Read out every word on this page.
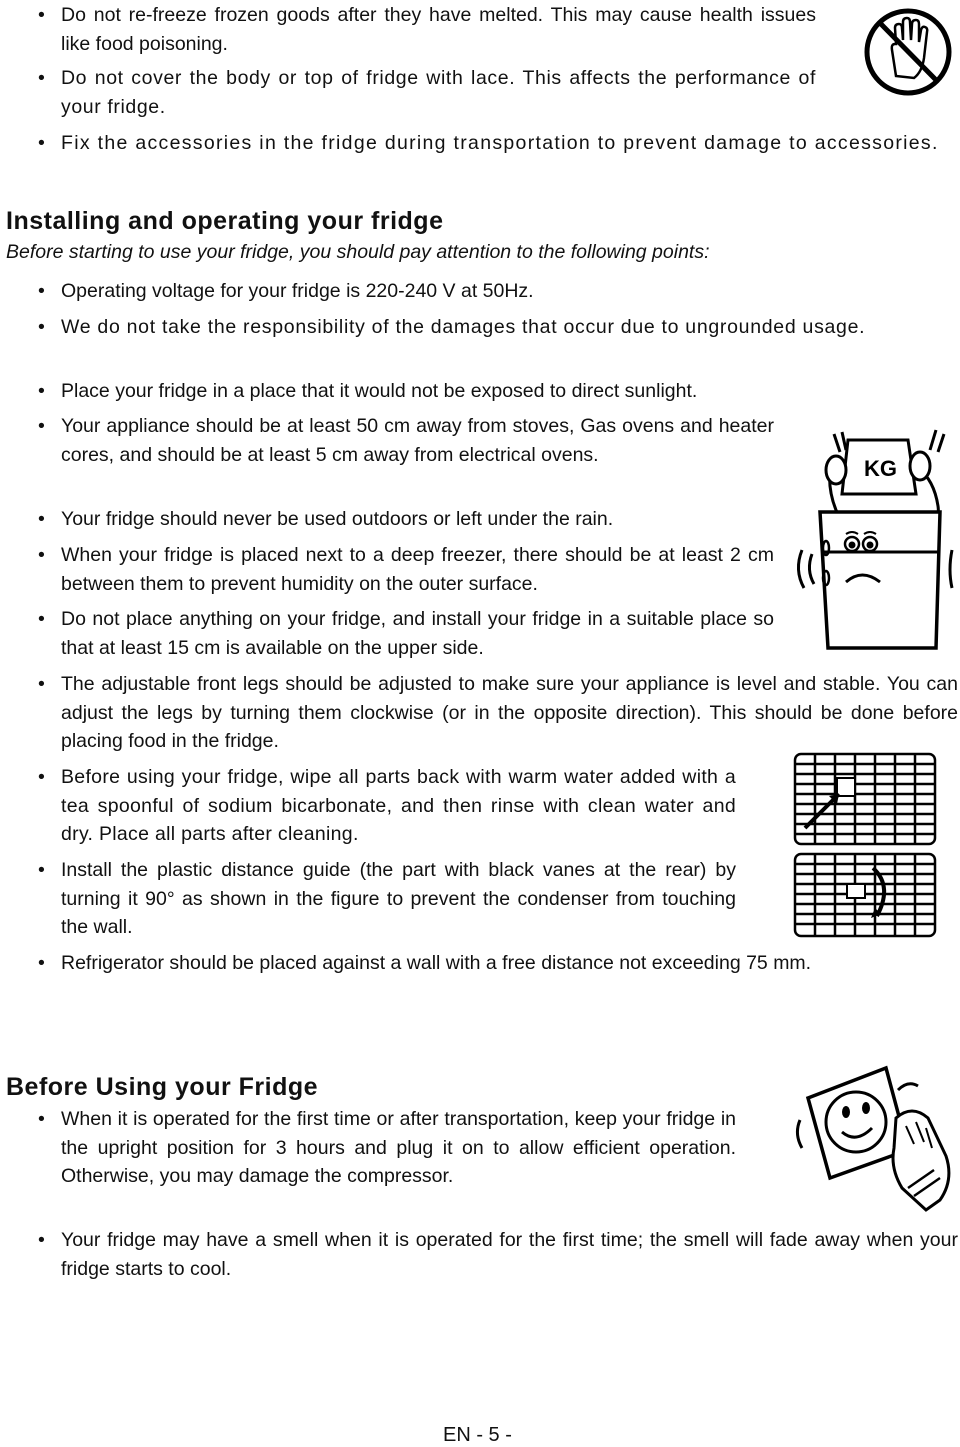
• Do not re-freeze frozen goods after they have melted. This may cause health issues like food poisoning.
• Do not cover the body or top of fridge with lace. This affects the performance of your fridge.
• Fix the accessories in the fridge during transportation to prevent damage to accessories.
Installing and operating your fridge
Before starting to use your fridge, you should pay attention to the following points:
• Operating voltage for your fridge is 220-240 V at 50Hz.
• We do not take the responsibility of the damages that occur due to ungrounded usage.
• Place your fridge in a place that it would not be exposed to direct sunlight.
• Your appliance should be at least 50 cm away from stoves, Gas ovens and heater cores, and should be at least 5 cm away from electrical ovens.
• Your fridge should never be used outdoors or left under the rain.
• When your fridge is placed next to a deep freezer, there should be at least 2 cm between them to prevent humidity on the outer surface.
• Do not place anything on your fridge, and install your fridge in a suitable place so that at least 15 cm is available on the upper side.
• The adjustable front legs should be adjusted to make sure your appliance is level and stable. You can adjust the legs by turning them clockwise (or in the opposite direction). This should be done before placing food in the fridge.
• Before using your fridge, wipe all parts back with warm water added with a tea spoonful of sodium bicarbonate, and then rinse with clean water and dry. Place all parts after cleaning.
• Install the plastic distance guide (the part with black vanes at the rear) by turning it 90° as shown in the figure to prevent the condenser from touching the wall.
• Refrigerator should be placed against a wall with a free distance not exceeding 75 mm.
KG
Before Using your Fridge
• When it is operated for the first time or after transportation, keep your fridge in the upright position for 3 hours and plug it on to allow efficient operation. Otherwise, you may damage the compressor.
• Your fridge may have a smell when it is operated for the first time; the smell will fade away when your fridge starts to cool.
EN - 5 -
